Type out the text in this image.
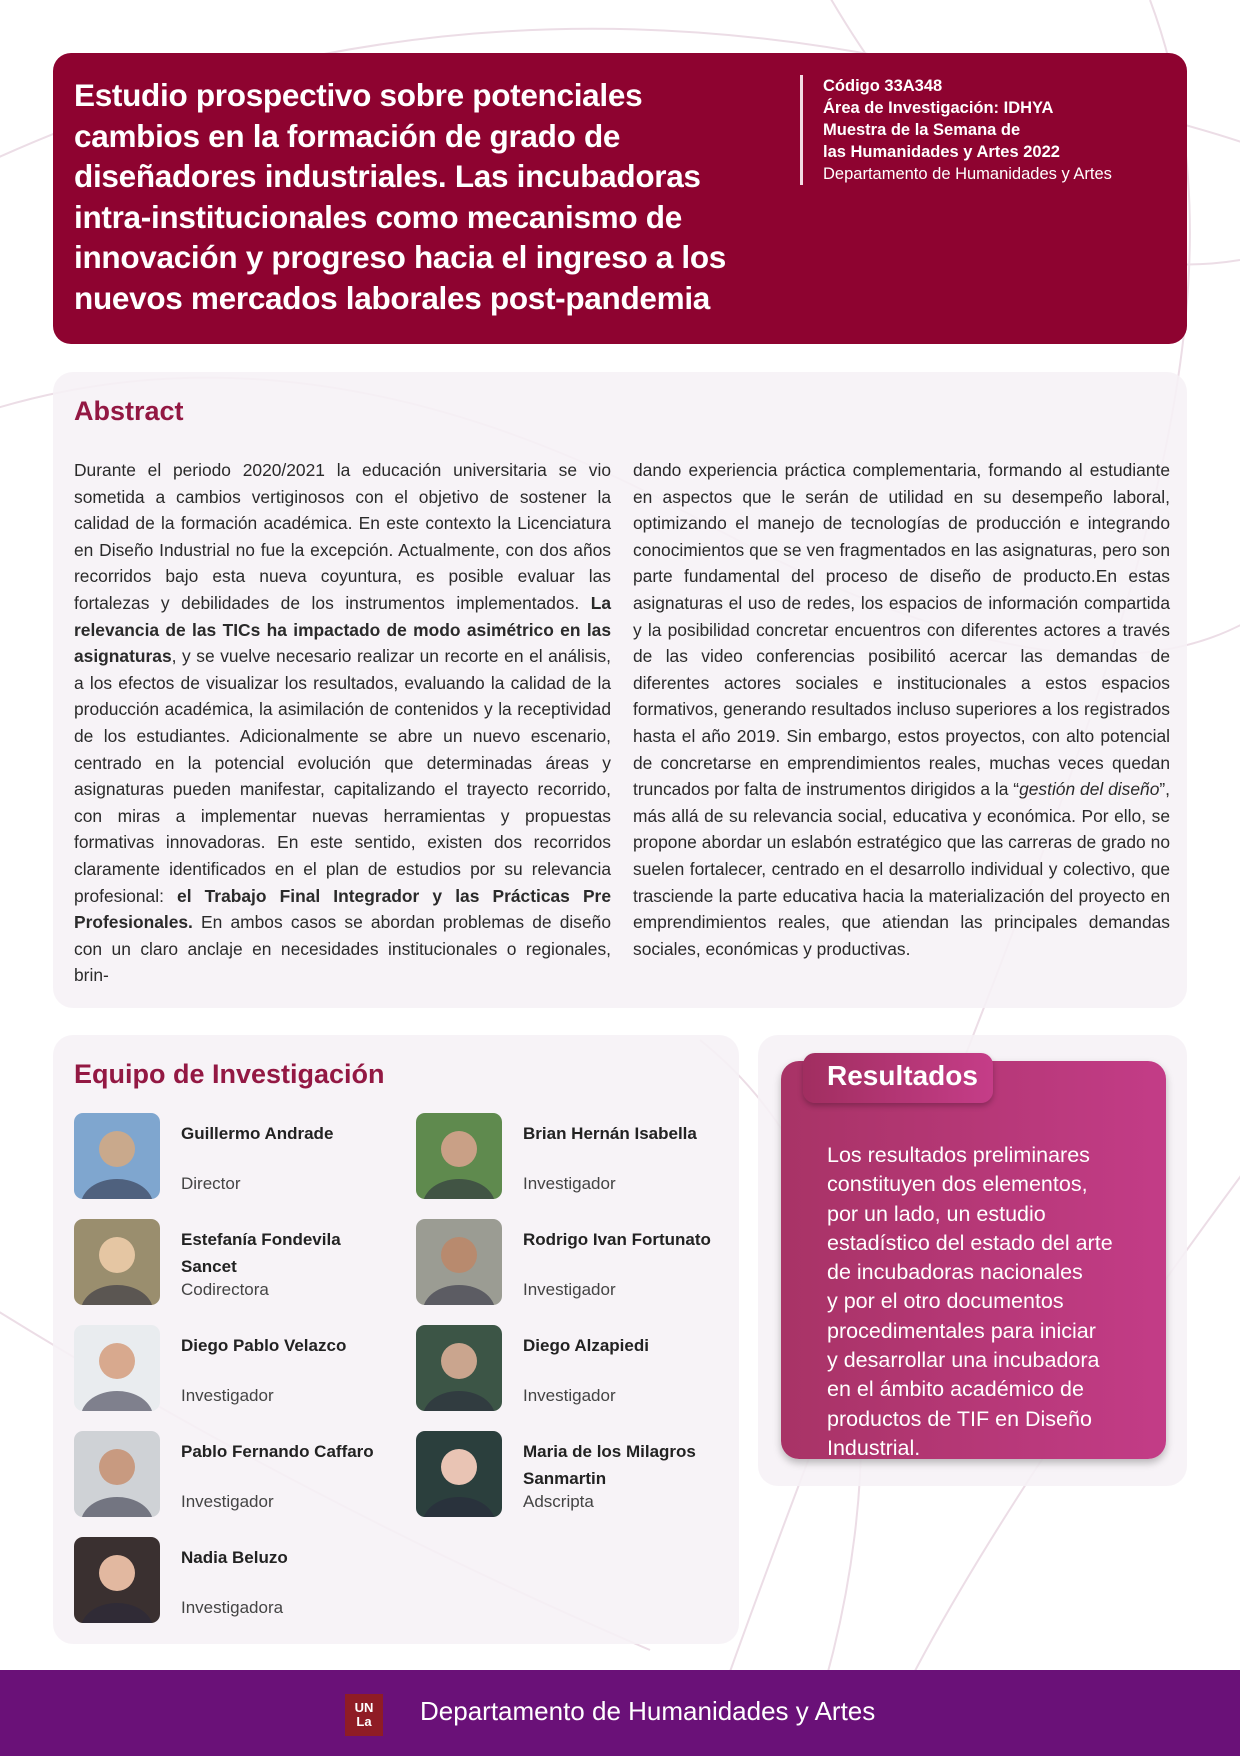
Estudio prospectivo sobre potenciales cambios en la formación de grado de diseñadores industriales. Las incubadoras intra-institucionales como mecanismo de innovación y progreso hacia el ingreso a los nuevos mercados laborales post-pandemia
Código 33A348
Área de Investigación: IDHYA
Muestra de la Semana de
las Humanidades y Artes 2022
Departamento de Humanidades y Artes
Abstract
Durante el periodo 2020/2021 la educación universitaria se vio sometida a cambios vertiginosos con el objetivo de sostener la calidad de la formación académica. En este contexto la Licenciatura en Diseño Industrial no fue la excepción. Actualmente, con dos años recorridos bajo esta nueva coyuntura, es posible evaluar las fortalezas y debilidades de los instrumentos implementados. La relevancia de las TICs ha impactado de modo asimétrico en las asignaturas, y se vuelve necesario realizar un recorte en el análisis, a los efectos de visualizar los resultados, evaluando la calidad de la producción académica, la asimilación de contenidos y la receptividad de los estudiantes. Adicionalmente se abre un nuevo escenario, centrado en la potencial evolución que determinadas áreas y asignaturas pueden manifestar, capitalizando el trayecto recorrido, con miras a implementar nuevas herramientas y propuestas formativas innovadoras. En este sentido, existen dos recorridos claramente identificados en el plan de estudios por su relevancia profesional: el Trabajo Final Integrador y las Prácticas Pre Profesionales. En ambos casos se abordan problemas de diseño con un claro anclaje en necesidades institucionales o regionales, brin-
dando experiencia práctica complementaria, formando al estudiante en aspectos que le serán de utilidad en su desempeño laboral, optimizando el manejo de tecnologías de producción e integrando conocimientos que se ven fragmentados en las asignaturas, pero son parte fundamental del proceso de diseño de producto.En estas asignaturas el uso de redes, los espacios de información compartida y la posibilidad concretar encuentros con diferentes actores a través de las video conferencias posibilitó acercar las demandas de diferentes actores sociales e institucionales a estos espacios formativos, generando resultados incluso superiores a los registrados hasta el año 2019. Sin embargo, estos proyectos, con alto potencial de concretarse en emprendimientos reales, muchas veces quedan truncados por falta de instrumentos dirigidos a la “gestión del diseño”, más allá de su relevancia social, educativa y económica. Por ello, se propone abordar un eslabón estratégico que las carreras de grado no suelen fortalecer, centrado en el desarrollo individual y colectivo, que trasciende la parte educativa hacia la materialización del proyecto en emprendimientos reales, que atiendan las principales demandas sociales, económicas y productivas.
Equipo de Investigación
Guillermo Andrade
Director
Estefanía Fondevila Sancet
Codirectora
Diego Pablo Velazco
Investigador
Pablo Fernando Caffaro
Investigador
Nadia Beluzo
Investigadora
Brian Hernán Isabella
Investigador
Rodrigo Ivan Fortunato
Investigador
Diego Alzapiedi
Investigador
Maria de los Milagros Sanmartin
Adscripta
Los resultados preliminares
constituyen dos elementos,
por un lado, un estudio
estadístico del estado del arte
de incubadoras nacionales
y por el otro documentos
procedimentales para iniciar
y desarrollar una incubadora
en el ámbito académico de
productos de TIF en Diseño
Industrial.
Resultados
UN
La	Departamento de Humanidades y Artes
